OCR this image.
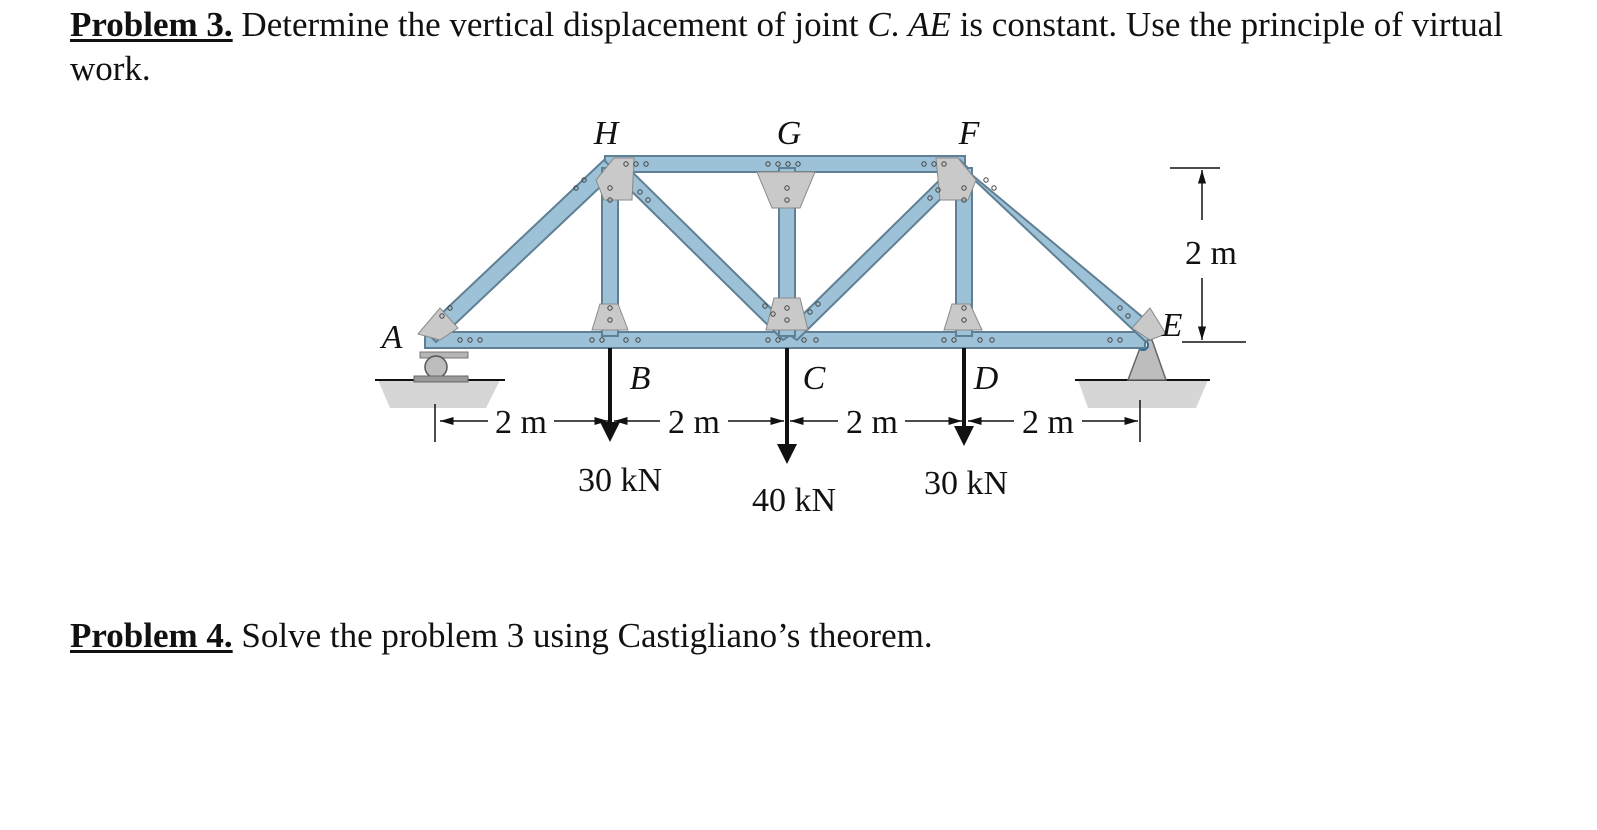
Problem 3. Determine the vertical displacement of joint C. AE is constant. Use the principle of virtual work.

A
B	C	D
E
F
G
H
2 m	2 m	2 m	2 m
2 m
30 kN
40 kN	30 kN

Problem 4. Solve the problem 3 using Castigliano’s theorem.
